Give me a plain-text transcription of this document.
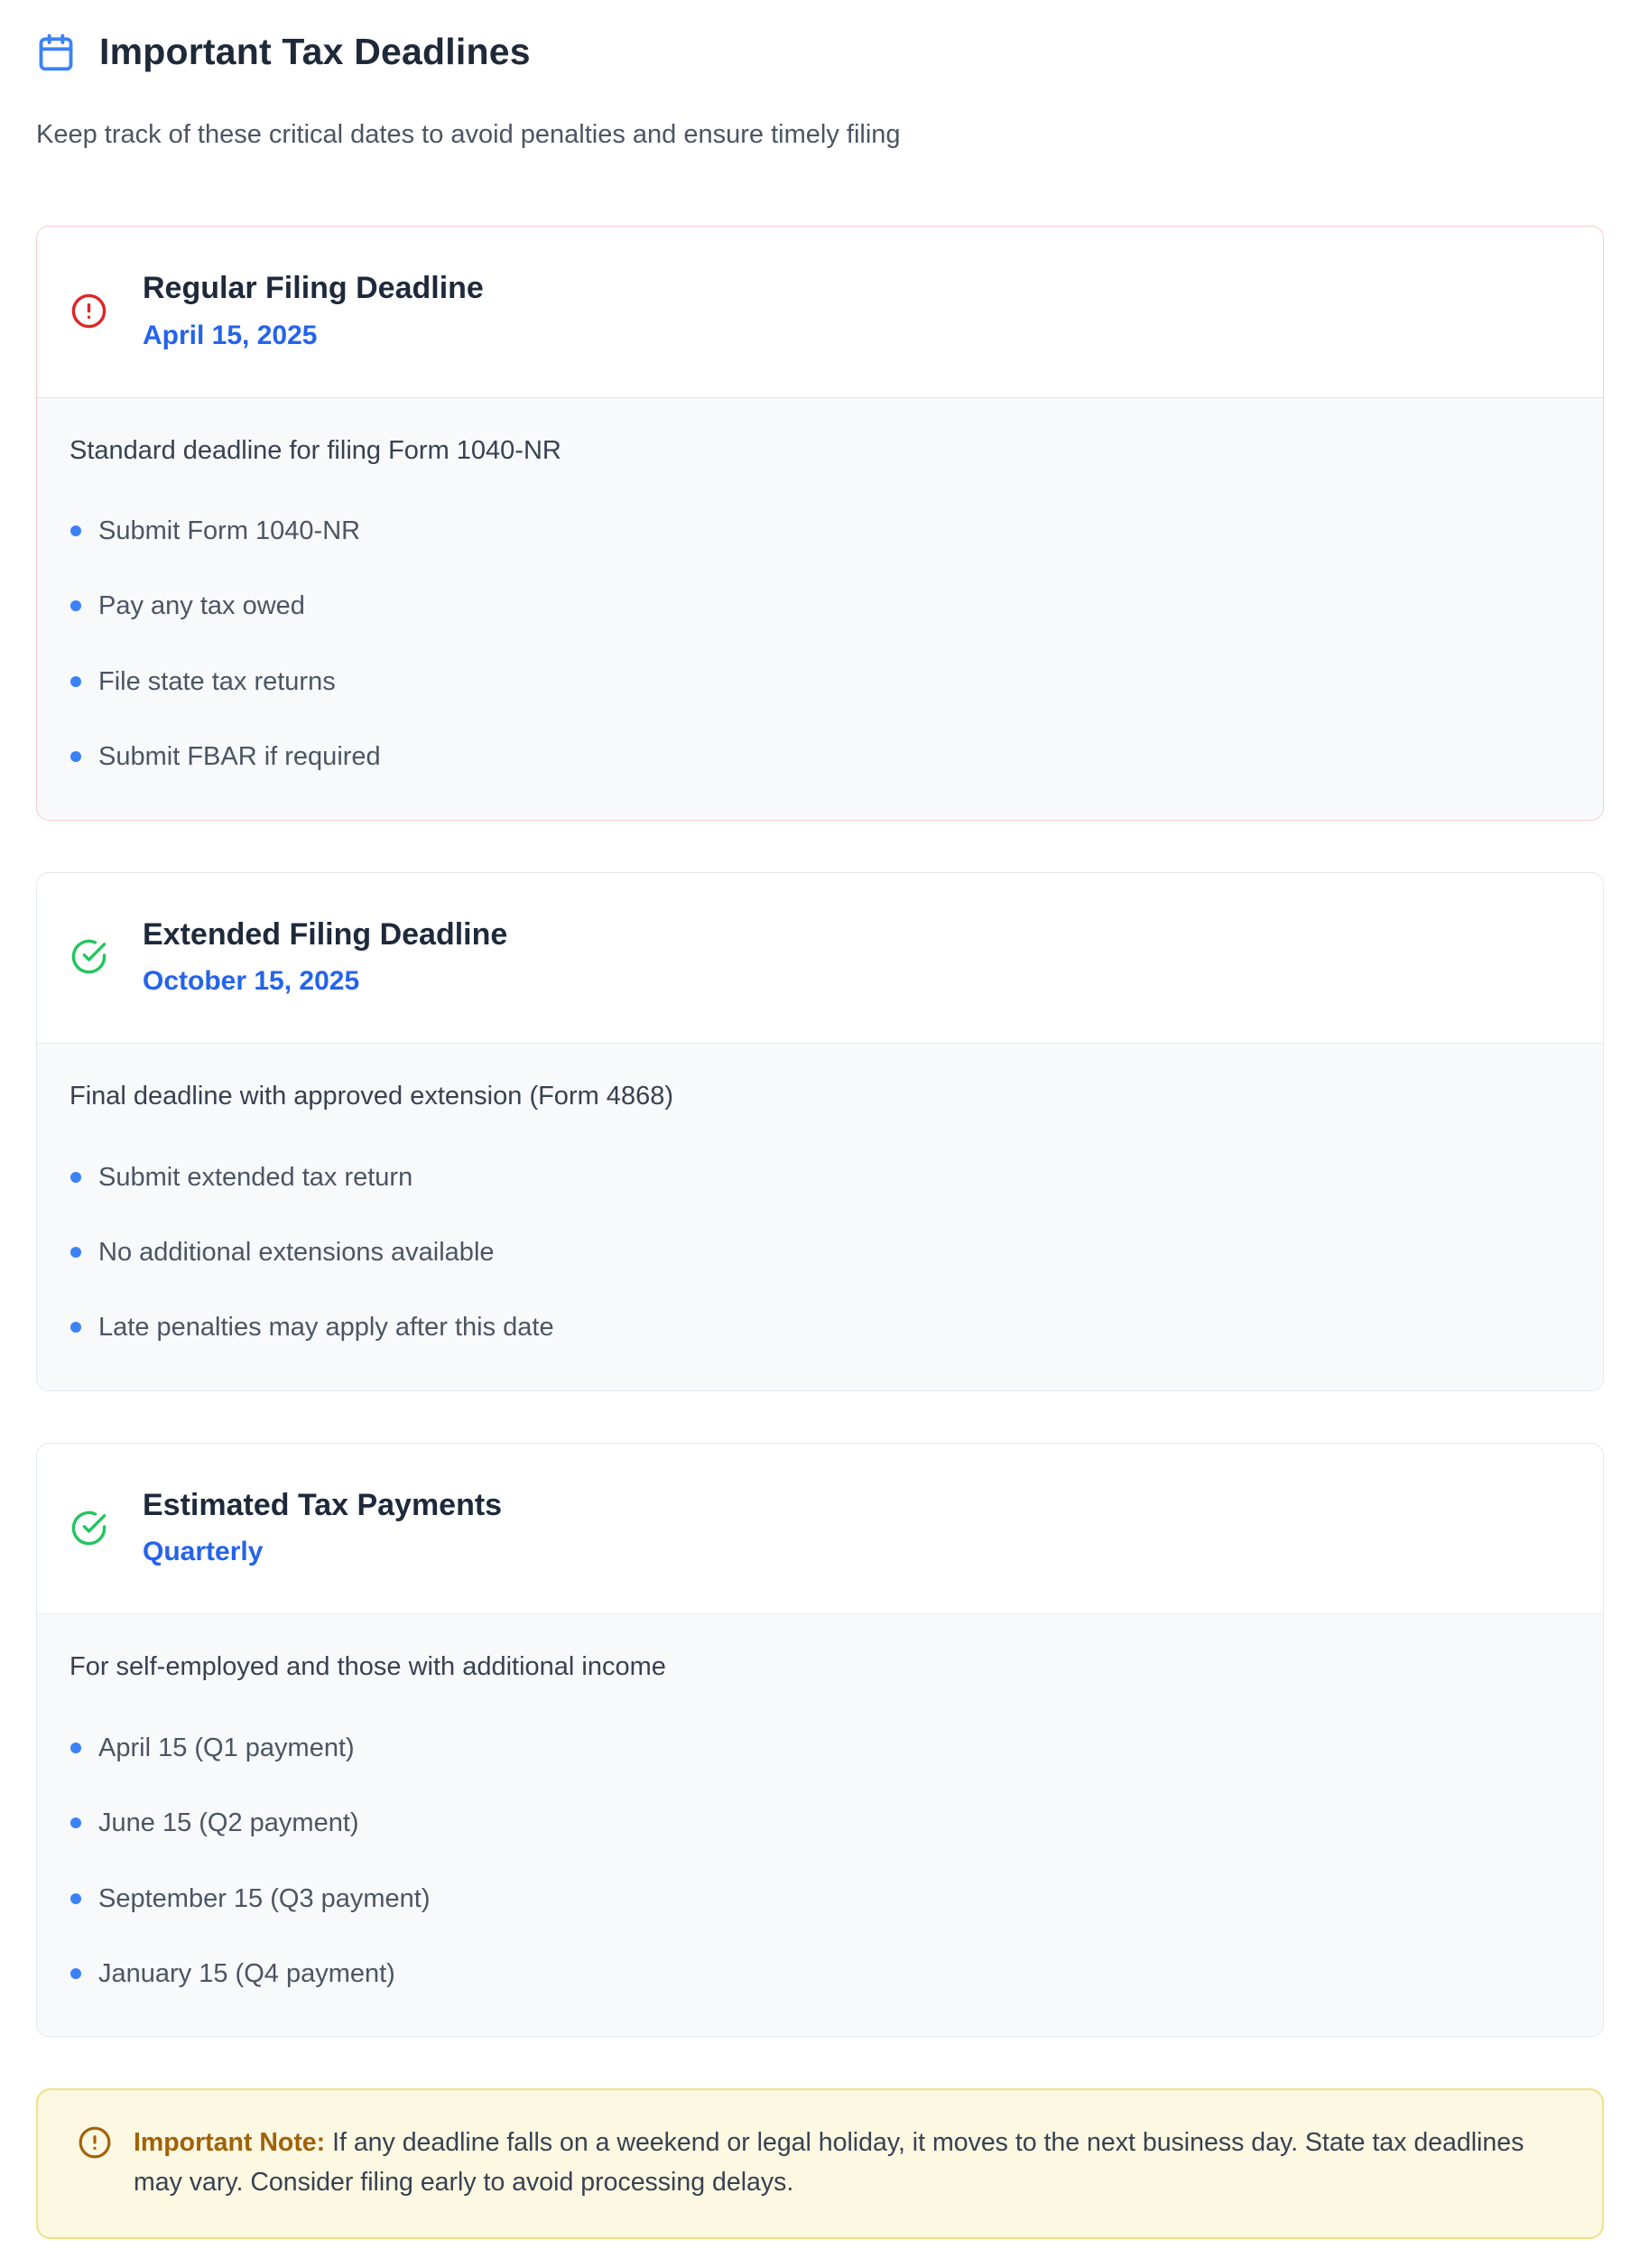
Important Tax Deadlines

Keep track of these critical dates to avoid penalties and ensure timely filing

Regular Filing Deadline
April 15, 2025

Standard deadline for filing Form 1040-NR

Submit Form 1040-NR
Pay any tax owed
File state tax returns
Submit FBAR if required
Extended Filing Deadline
October 15, 2025

Final deadline with approved extension (Form 4868)

Submit extended tax return
No additional extensions available
Late penalties may apply after this date
Estimated Tax Payments
Quarterly

For self-employed and those with additional income

April 15 (Q1 payment)
June 15 (Q2 payment)
September 15 (Q3 payment)
January 15 (Q4 payment)

Important Note: If any deadline falls on a weekend or legal holiday, it moves to the next business day. State tax deadlines may vary. Consider filing early to avoid processing delays.
